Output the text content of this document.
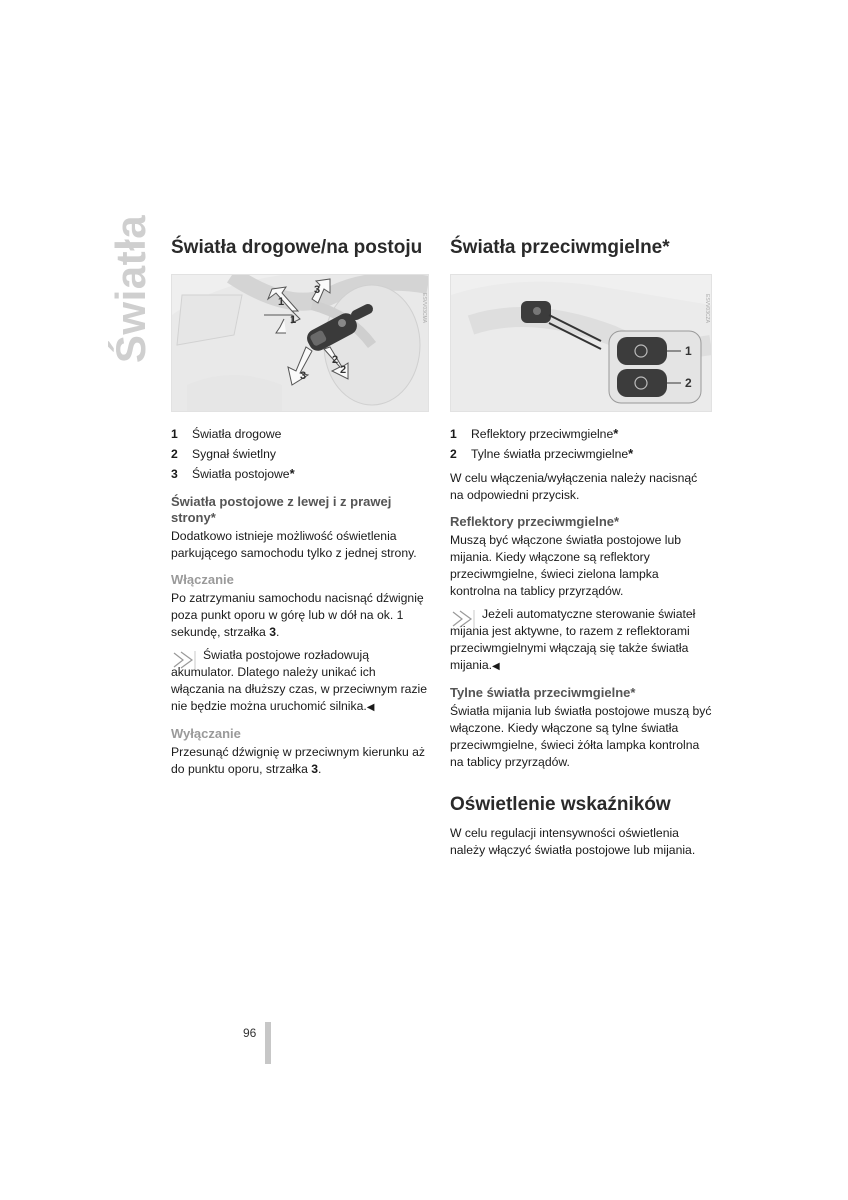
Światła Światła drogowe/na postoju
1
1
2
2
3
3
ESVV03CMA
1	Światła drogowe
2	Sygnał świetlny
3	Światła postojowe*
Światła postojowe z lewej i z prawej strony*

Dodatkowo istnieje możliwość oświetlenia parkującego samochodu tylko z jednej strony.

Włączanie

Po zatrzymaniu samochodu nacisnąć dźwignię poza punkt oporu w górę lub w dół na ok. 1 sekundę, strzałka 3.

Światła postojowe rozładowują akumulator. Dlatego należy unikać ich włączania na dłuższy czas, w przeciwnym razie nie będzie można uruchomić silnika.◀

Wyłączanie

Przesunąć dźwignię w przeciwnym kierunku aż do punktu oporu, strzałka 3.

Światła przeciwmgielne*
1
2
ESVV03CZA
1	Reflektory przeciwmgielne*
2	Tylne światła przeciwmgielne*

W celu włączenia/wyłączenia należy nacisnąć na odpowiedni przycisk.

Reflektory przeciwmgielne*

Muszą być włączone światła postojowe lub mijania. Kiedy włączone są reflektory przeciwmgielne, świeci zielona lampka kontrolna na tablicy przyrządów.

Jeżeli automatyczne sterowanie świateł mijania jest aktywne, to razem z reflektorami przeciwmgielnymi włączają się także światła mijania.◀

Tylne światła przeciwmgielne*

Światła mijania lub światła postojowe muszą być włączone. Kiedy włączone są tylne światła przeciwmgielne, świeci żółta lampka kontrolna na tablicy przyrządów.

Oświetlenie wskaźników

W celu regulacji intensywności oświetlenia należy włączyć światła postojowe lub mijania.

96
